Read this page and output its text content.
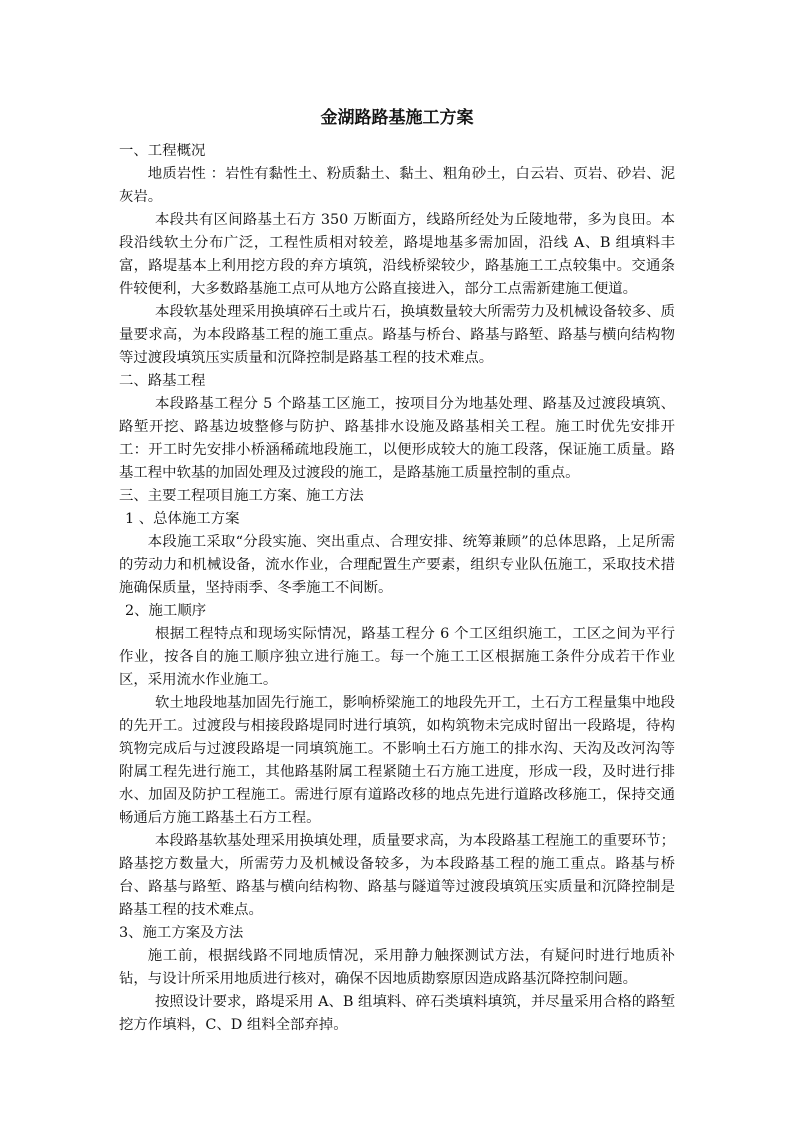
金湖路路基施工方案
一、工程概况

地质岩性 ：岩性有黏性土、粉质黏土、黏土、粗角砂土，白云岩、页岩、砂岩、泥灰岩。

本段共有区间路基土石方 350 万断面方，线路所经处为丘陵地带，多为良田。本段沿线软土分布广泛，工程性质相对较差，路堤地基多需加固，沿线 A、B 组填料丰富，路堤基本上利用挖方段的弃方填筑，沿线桥梁较少，路基施工工点较集中。交通条件较便利，大多数路基施工点可从地方公路直接进入，部分工点需新建施工便道。

本段软基处理采用换填碎石土或片石，换填数量较大所需劳力及机械设备较多、质量要求高，为本段路基工程的施工重点。路基与桥台、路基与路堑、路基与横向结构物等过渡段填筑压实质量和沉降控制是路基工程的技术难点。

二、路基工程

本段路基工程分 5 个路基工区施工，按项目分为地基处理、路基及过渡段填筑、路堑开挖、路基边坡整修与防护、路基排水设施及路基相关工程。施工时优先安排开工：开工时先安排小桥涵稀疏地段施工，以便形成较大的施工段落，保证施工质量。路基工程中软基的加固处理及过渡段的施工，是路基施工质量控制的重点。

三、主要工程项目施工方案、施工方法
1 、总体施工方案

本段施工采取“分段实施、突出重点、合理安排、统筹兼顾”的总体思路，上足所需的劳动力和机械设备，流水作业，合理配置生产要素，组织专业队伍施工，采取技术措施确保质量，坚持雨季、冬季施工不间断。

2、施工顺序

根据工程特点和现场实际情况，路基工程分 6 个工区组织施工，工区之间为平行作业，按各自的施工顺序独立进行施工。每一个施工工区根据施工条件分成若干作业区，采用流水作业施工。

软土地段地基加固先行施工，影响桥梁施工的地段先开工，土石方工程量集中地段的先开工。过渡段与相接段路堤同时进行填筑，如构筑物未完成时留出一段路堤，待构筑物完成后与过渡段路堤一同填筑施工。不影响土石方施工的排水沟、天沟及改河沟等附属工程先进行施工，其他路基附属工程紧随土石方施工进度，形成一段，及时进行排水、加固及防护工程施工。需进行原有道路改移的地点先进行道路改移施工，保持交通畅通后方施工路基土石方工程。

本段路基软基处理采用换填处理，质量要求高，为本段路基工程施工的重要环节；路基挖方数量大，所需劳力及机械设备较多，为本段路基工程的施工重点。路基与桥台、路基与路堑、路基与横向结构物、路基与隧道等过渡段填筑压实质量和沉降控制是路基工程的技术难点。

3、施工方案及方法

施工前，根据线路不同地质情况，采用静力触探测试方法，有疑问时进行地质补钻，与设计所采用地质进行核对，确保不因地质勘察原因造成路基沉降控制问题。

按照设计要求，路堤采用 A、B 组填料、碎石类填料填筑，并尽量采用合格的路堑挖方作填料，C、D 组料全部弃掉。
